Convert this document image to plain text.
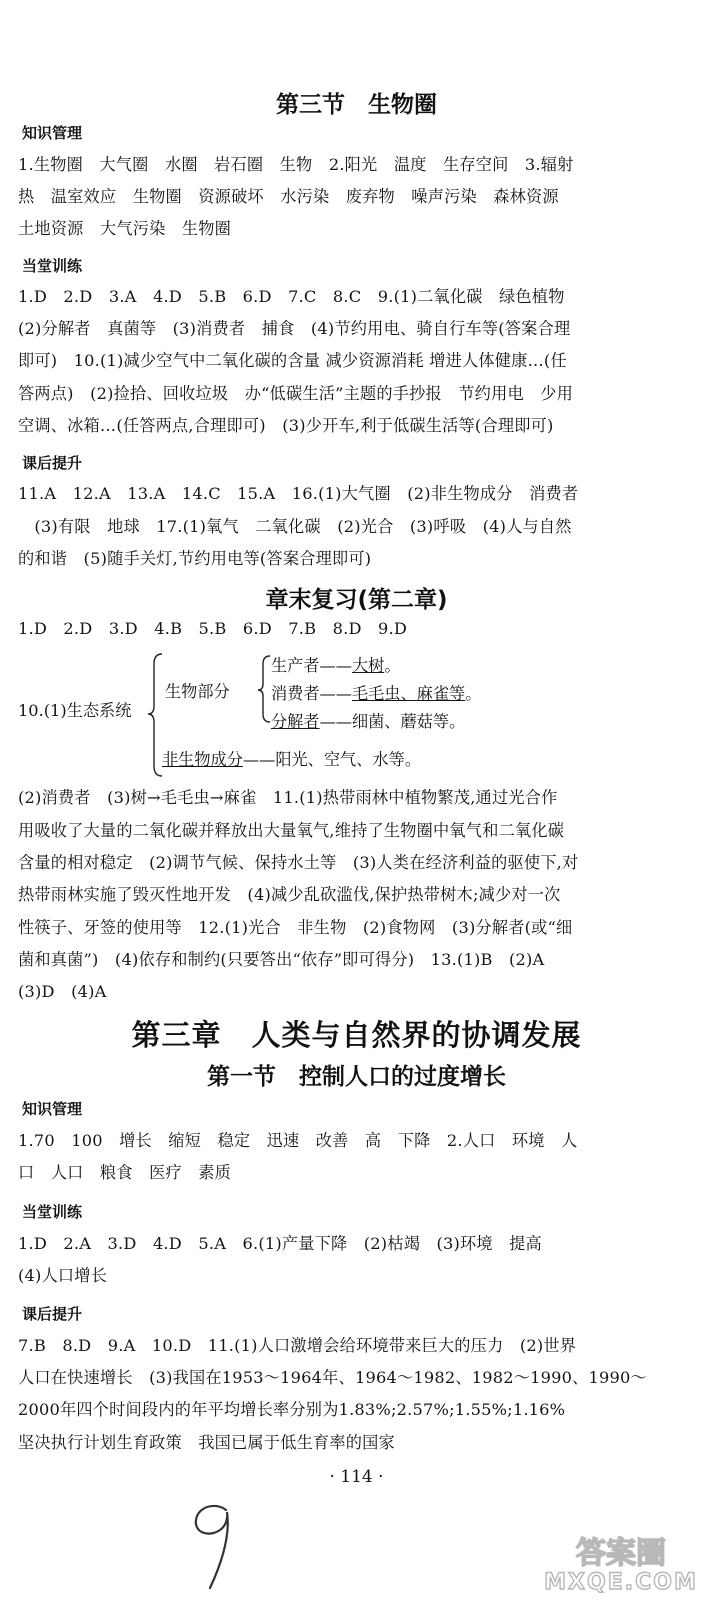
第三节　生物圈
知识管理
1.生物圈　大气圈　水圈　岩石圈　生物　2.阳光　温度　生存空间　3.辐射
热　温室效应　生物圈　资源破坏　水污染　废弃物　噪声污染　森林资源
土地资源　大气污染　生物圈
当堂训练
1.D　2.D　3.A　4.D　5.B　6.D　7.C　8.C　9.(1)二氧化碳　绿色植物
(2)分解者　真菌等　(3)消费者　捕食　(4)节约用电、骑自行车等(答案合理
即可)　10.(1)减少空气中二氧化碳的含量 减少资源消耗 增进人体健康…(任
答两点)　(2)捡拾、回收垃圾　办“低碳生活”主题的手抄报　节约用电　少用
空调、冰箱…(任答两点,合理即可)　(3)少开车,利于低碳生活等(合理即可)
课后提升
11.A　12.A　13.A　14.C　15.A　16.(1)大气圈　(2)非生物成分　消费者
　(3)有限　地球　17.(1)氧气　二氧化碳　(2)光合　(3)呼吸　(4)人与自然
的和谐　(5)随手关灯,节约用电等(答案合理即可)
章末复习(第二章)
1.D　2.D　3.D　4.B　5.B　6.D　7.B　8.D　9.D
10.(1)生态系统
生物部分
生产者——大树。
消费者——毛毛虫、麻雀等。
分解者——细菌、蘑菇等。
非生物成分——阳光、空气、水等。
(2)消费者　(3)树→毛毛虫→麻雀　11.(1)热带雨林中植物繁茂,通过光合作
用吸收了大量的二氧化碳并释放出大量氧气,维持了生物圈中氧气和二氧化碳
含量的相对稳定　(2)调节气候、保持水土等　(3)人类在经济利益的驱使下,对
热带雨林实施了毁灭性地开发　(4)减少乱砍滥伐,保护热带树木;减少对一次
性筷子、牙签的使用等　12.(1)光合　非生物　(2)食物网　(3)分解者(或“细
菌和真菌”)　(4)依存和制约(只要答出“依存”即可得分)　13.(1)B　(2)A
(3)D　(4)A
第三章　人类与自然界的协调发展
第一节　控制人口的过度增长
知识管理
1.70　100　增长　缩短　稳定　迅速　改善　高　下降　2.人口　环境　人
口　人口　粮食　医疗　素质
当堂训练
1.D　2.A　3.D　4.D　5.A　6.(1)产量下降　(2)枯竭　(3)环境　提高
(4)人口增长
课后提升
7.B　8.D　9.A　10.D　11.(1)人口激增会给环境带来巨大的压力　(2)世界
人口在快速增长　(3)我国在1953～1964年、1964～1982、1982～1990、1990～
2000年四个时间段内的年平均增长率分别为1.83%;2.57%;1.55%;1.16%
坚决执行计划生育政策　我国已属于低生育率的国家
· 114 ·
答案圈
MXQE.COM
